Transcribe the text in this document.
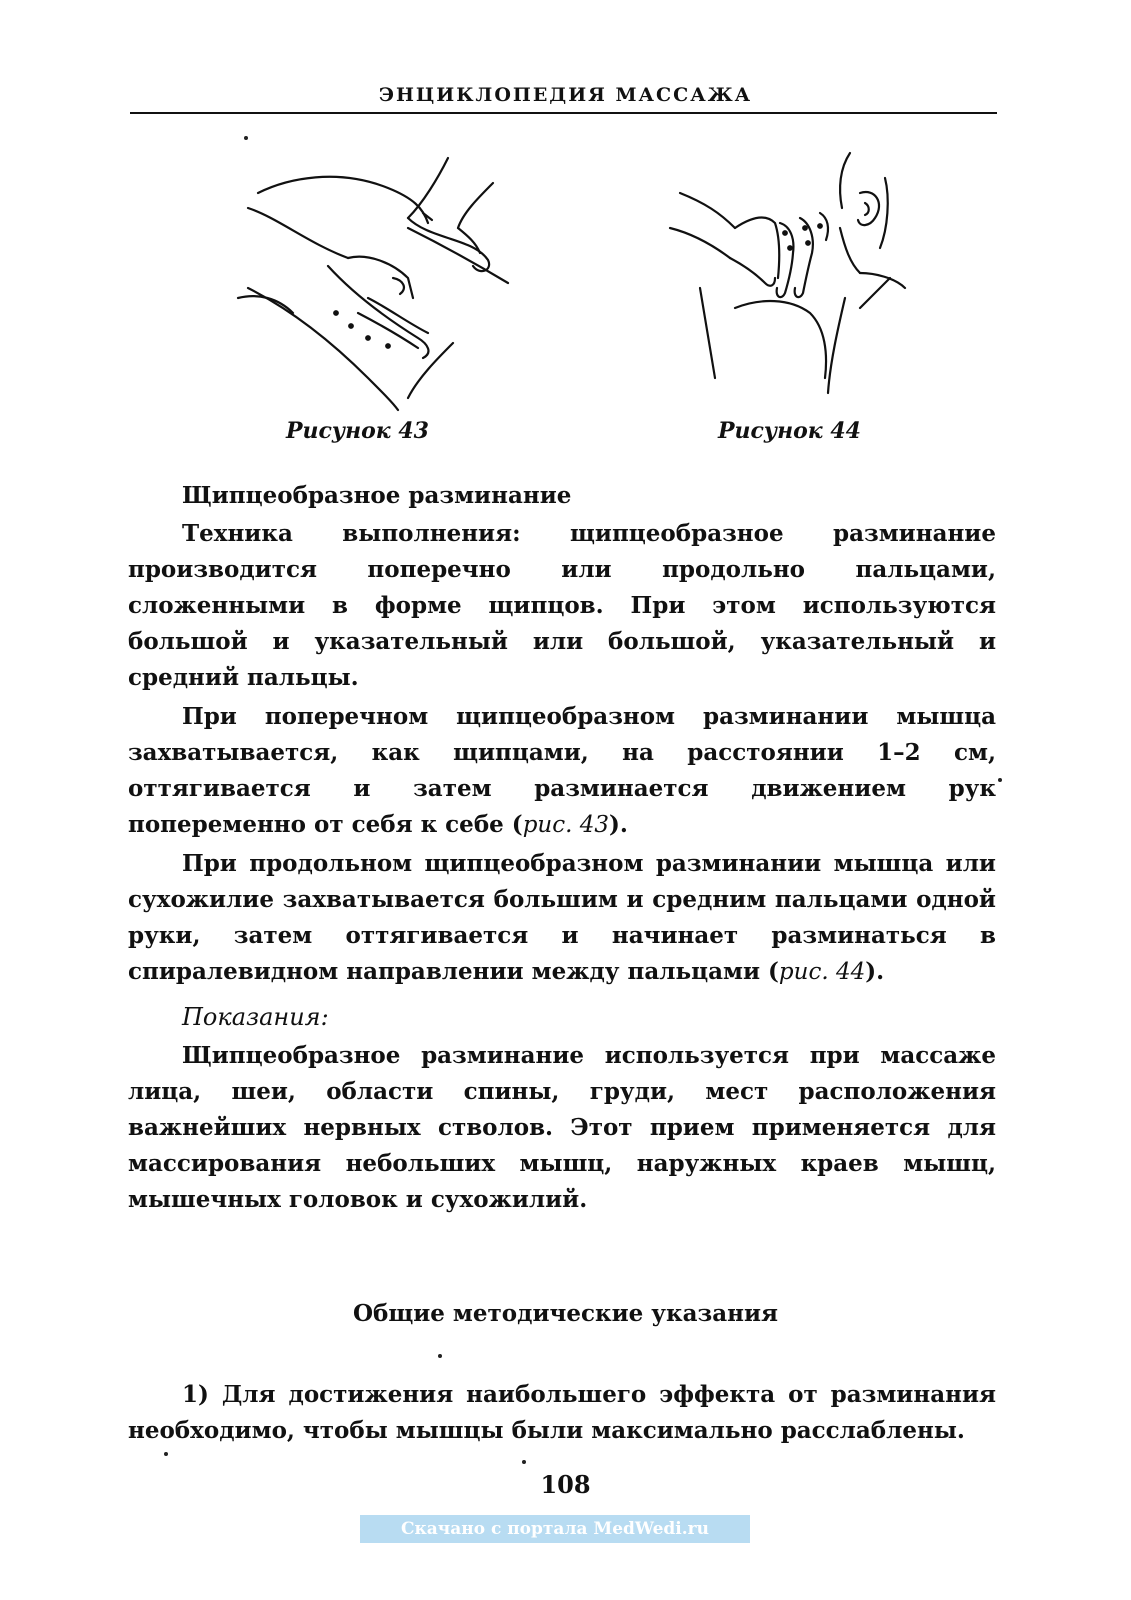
ЭНЦИКЛОПЕДИЯ МАССАЖА
Рисунок 43	Рисунок 44
Щипцеобразное разминание

Техника выполнения: щипцеобразное разминание производится поперечно или продольно пальцами, сложенными в форме щипцов. При этом используются большой и указательный или большой, указательный и средний пальцы.

При поперечном щипцеобразном разминании мышца захватывается, как щипцами, на расстоянии 1–2 см, оттягивается и затем разминается движением рук попеременно от себя к себе (рис. 43).

При продольном щипцеобразном разминании мышца или сухожилие захватывается большим и средним пальцами одной руки, затем оттягивается и начинает разминаться в спиралевидном направлении между пальцами (рис. 44).

Показания:

Щипцеобразное разминание используется при массаже лица, шеи, области спины, груди, мест расположения важнейших нервных стволов. Этот прием применяется для массирования небольших мышц, наружных краев мышц, мышечных головок и сухожилий.

Общие методические указания

1) Для достижения наибольшего эффекта от разминания необходимо, чтобы мышцы были максимально расслаблены.

108
Скачано с портала MedWedi.ru
